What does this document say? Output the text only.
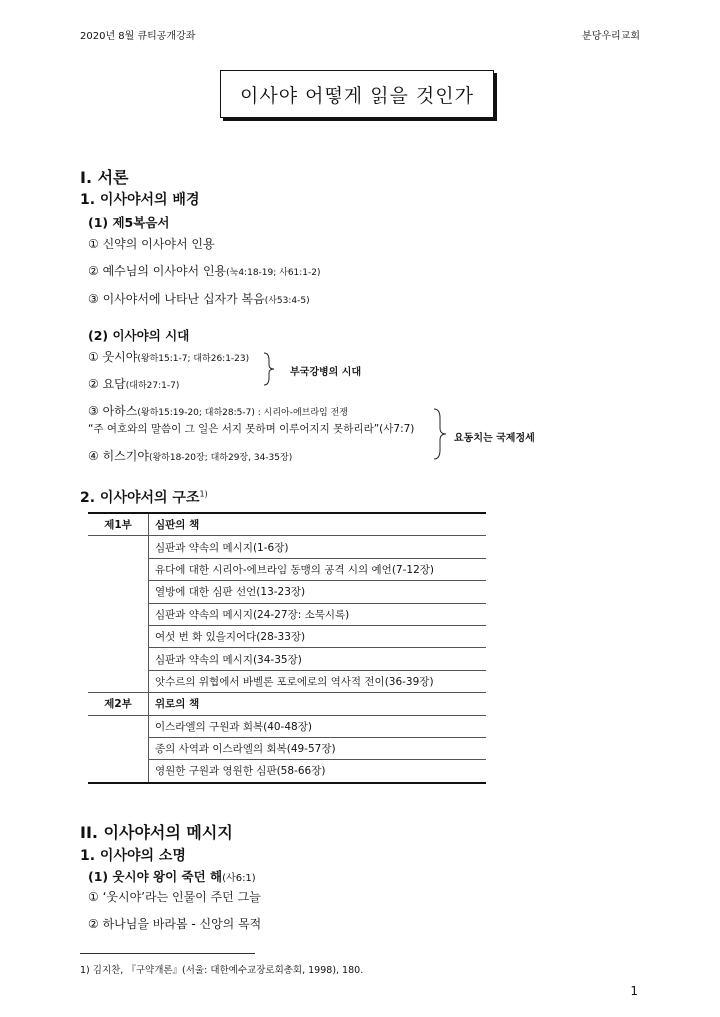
2020년 8월 큐티공개강좌	분당우리교회
이사야 어떻게 읽을 것인가
I. 서론
1. 이사야서의 배경
(1) 제5복음서
① 신약의 이사야서 인용
② 예수님의 이사야서 인용(눅4:18-19; 사61:1-2)
③ 이사야서에 나타난 십자가 복음(사53:4-5)
(2) 이사야의 시대
① 웃시야(왕하15:1-7; 대하26:1-23)
② 요담(대하27:1-7)
부국강병의 시대
③ 아하스(왕하15:19-20; 대하28:5-7) : 시리아-에브라임 전쟁
“주 여호와의 말씀이 그 일은 서지 못하며 이루어지지 못하리라”(사7:7)
④ 히스기야(왕하18-20장; 대하29장, 34-35장)
요동치는 국제정세
2. 이사야서의 구조$^{1)}$
제1부	심판의 책
	심판과 약속의 메시지(1-6장)
	유다에 대한 시리아-에브라임 동맹의 공격 시의 예언(7-12장)
	열방에 대한 심판 선언(13-23장)
	심판과 약속의 메시지(24-27장: 소묵시록)
	여섯 번 화 있을지어다(28-33장)
	심판과 약속의 메시지(34-35장)
	앗수르의 위협에서 바벨론 포로에로의 역사적 전이(36-39장)
제2부	위로의 책
	이스라엘의 구원과 회복(40-48장)
	종의 사역과 이스라엘의 회복(49-57장)
	영원한 구원과 영원한 심판(58-66장)
II. 이사야서의 메시지
1. 이사야의 소명
(1) 웃시야 왕이 죽던 해(사6:1)
① ‘웃시야’라는 인물이 주던 그늘
② 하나님을 바라봄 - 신앙의 목적
1) 김지찬, 『구약개론』(서울: 대한예수교장로회총회, 1998), 180.
1
